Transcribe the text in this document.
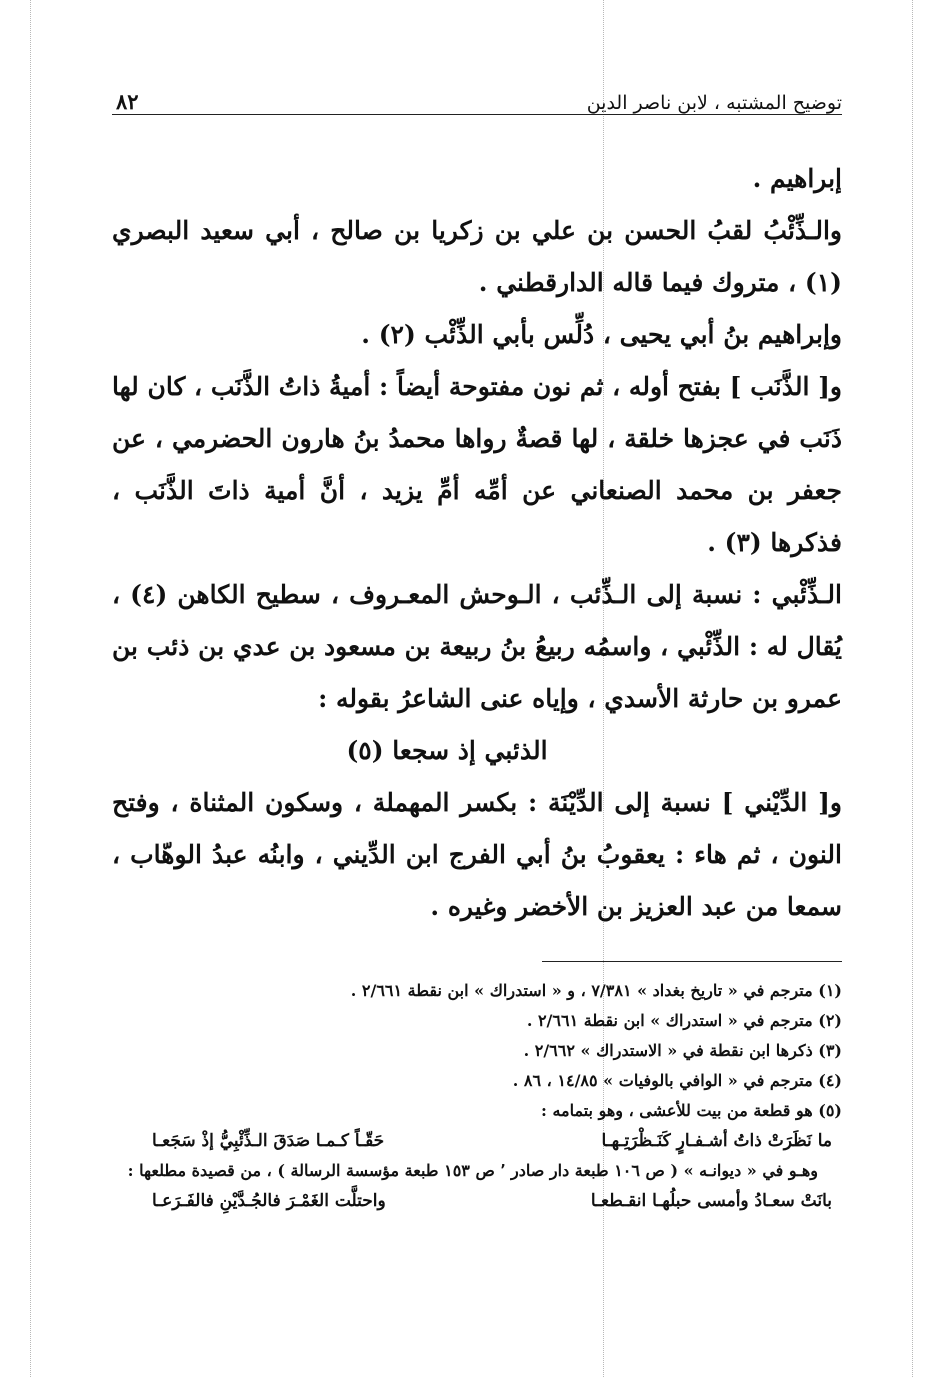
توضيح المشتبه ، لابن ناصر الدين
٨٢

إبراهيم .

والـذِّئْبُ لقبُ الحسن بن علي بن زكريا بن صالح ، أبي سعيد البصري (١) ، متروك فيما قاله الدارقطني .

وإبراهيم بنُ أبي يحيى ، دُلِّس بأبي الذِّئْب (٢) .

و[ الذَّنَب ] بفتح أوله ، ثم نون مفتوحة أيضاً : أميةُ ذاتُ الذَّنَب ، كان لها ذَنَب في عجزها خلقة ، لها قصةٌ رواها محمدُ بنُ هارون الحضرمي ، عن جعفر بن محمد الصنعاني عن أمِّه أمِّ يزيد ، أنَّ أمية ذاتَ الذَّنَب ، فذكرها (٣) .

الـذِّئْبي : نسبة إلى الـذِّئب ، الـوحش المعـروف ، سطيح الكاهن (٤) ، يُقال له : الذِّئْبي ، واسمُه ربيعُ بنُ ربيعة بن مسعود بن عدي بن ذئب بن عمرو بن حارثة الأسدي ، وإياه عنى الشاعرُ بقوله :

الذئبي إذ سجعا (٥)

و[ الدِّيْني ] نسبة إلى الدِّيْنَة : بكسر المهملة ، وسكون المثناة ، وفتح النون ، ثم هاء : يعقوبُ بنُ أبي الفرج ابن الدِّيني ، وابنُه عبدُ الوهّاب ، سمعا من عبد العزيز بن الأخضر وغيره .

(١) مترجم في « تاريخ بغداد » ٧/٣٨١ ، و « استدراك » ابن نقطة ٢/٦٦١ .

(٢) مترجم في « استدراك » ابن نقطة ٢/٦٦١ .

(٣) ذكرها ابن نقطة في « الاستدراك » ٢/٦٦٢ .

(٤) مترجم في « الوافي بالوفيات » ١٤/٨٥ ، ٨٦ .

(٥) هو قطعة من بيت للأعشى ، وهو بتمامه :

ما نَظَرَتْ ذاتُ أشـفـارٍ كَنَـظْرَتِـهـا
حَقّـاً كـمـا صَدَقَ الـذِّئْبِيُّ إذْ سَجَعـا

وهـو في « ديوانـه » ( ص ١٠٦ طبعة دار صادر ٬ ص ١٥٣ طبعة مؤسسة الرسالة ) ، من قصيدة مطلعها :

بانَتْ سعـادُ وأمسى حبلُهـا انقـطعـا
واحتلَّت الغَمْـرَ فالجُـدَّيْنِ فالفَـرَعـا
